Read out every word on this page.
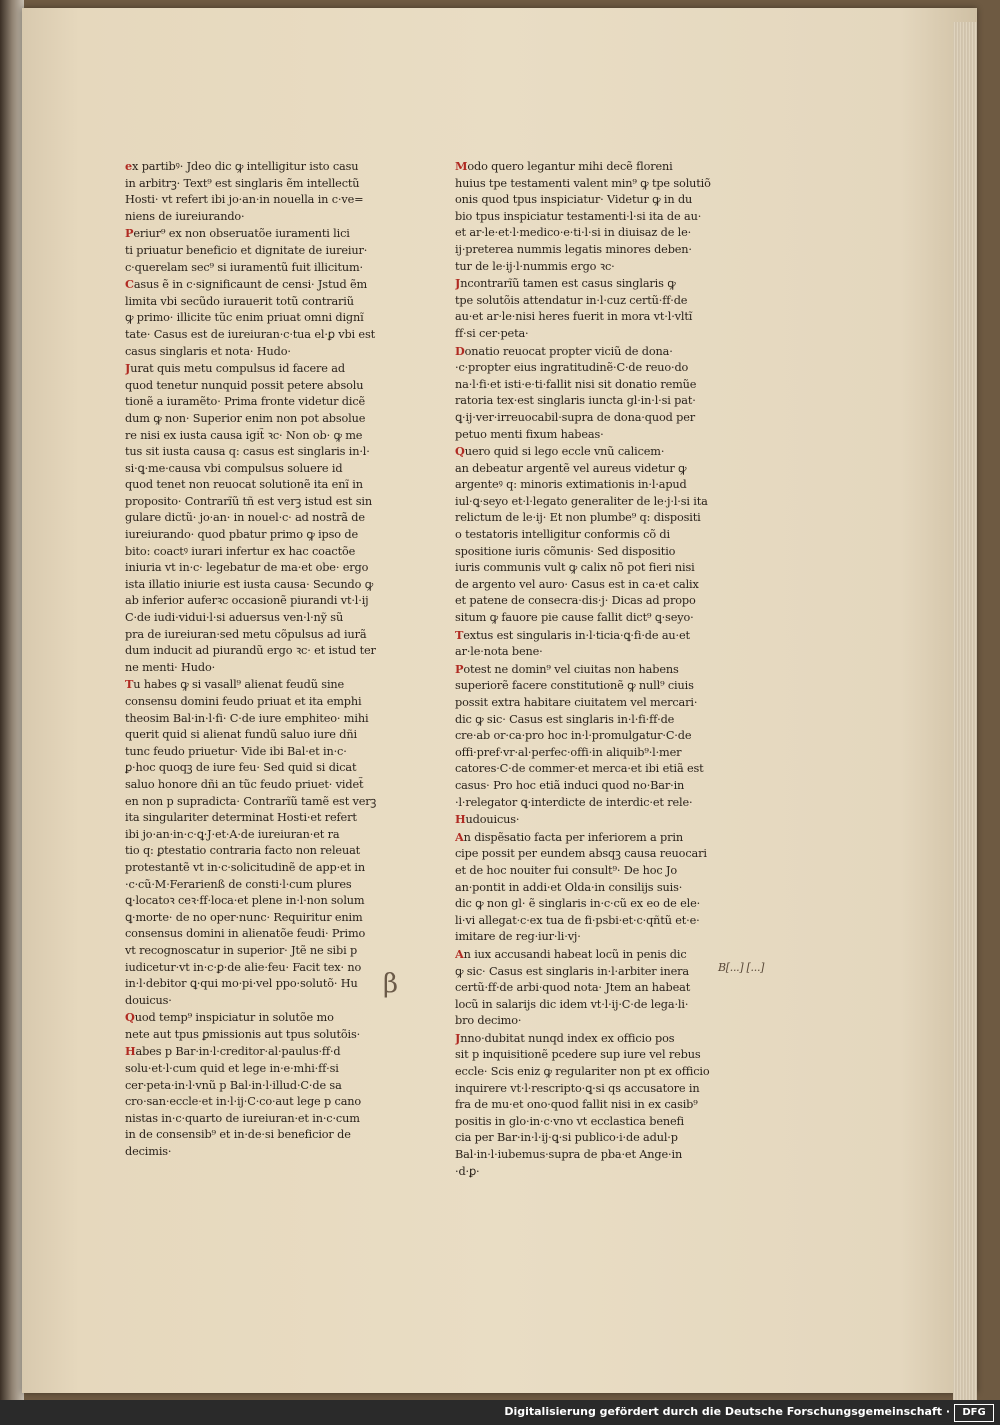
ex partibꝰ· Jdeo dic ꝙ intelligitur isto casu
in arbitrꝫ· Text⁹ est singlaris ẽm intellectũ
Hosti· vt refert ibi jo·an·in nouella in c·ve=
niens de iureiurando·
Periur⁹ ex non obseruatõe iuramenti lici
ti priuatur beneficio et dignitate de iureiur·
c·querelam sec⁹ si iuramentũ fuit illicitum·
Casus ẽ in c·significaunt de censi· Jstud ẽm
limita vbi secũdo iurauerit totũ contrariũ
ꝙ primo· illicite tũc enim priuat omni dignĩ
tate· Casus est de iureiuran·c·tua el·ꝑ vbi est
casus singlaris et nota· Hudo·
Jurat quis metu compulsus id facere ad
quod tenetur nunquid possit petere absolu
tionẽ a iuramẽto· Prima fronte videtur dicẽ
dum ꝙ non· Superior enim non pot absolue
re nisi ex iusta causa igit̃ ꝛc· Non ob· ꝙ me
tus sit iusta causa q: casus est singlaris in·l·
si·ꝗ·me·causa vbi compulsus soluere id
quod tenet non reuocat solutionẽ ita enĩ in
proposito· Contrarĩũ tñ est verꝫ istud est sin
gulare dictũ· jo·an· in nouel·c· ad nostrã de
iureiurando· quod pbatur primo ꝙ ipso de
bito: coactꝰ iurari infertur ex hac coactõe
iniuria vt in·c· legebatur de ma·et obe· ergo
ista illatio iniurie est iusta causa· Secundo ꝙ
ab inferior auferꝛc occasionẽ piurandi vt·l·ij
C·de iudi·vidui·l·si aduersus ven·l·nỹ sũ
pra de iureiuran·sed metu cõpulsus ad iurã
dum inducit ad piurandũ ergo ꝛc· et istud ter
ne menti· Hudo·
Tu habes ꝙ si vasall⁹ alienat feudũ sine
consensu domini feudo priuat et ita emphi
theosim Bal·in·l·fi· C·de iure emphiteo· mihi
querit quid si alienat fundũ saluo iure dñi
tunc feudo priuetur· Vide ibi Bal·et in·c·
ꝑ·hoc quoqꝫ de iure feu· Sed quid si dicat
saluo honore dñi an tũc feudo priuet· videt̃
en non p supradicta· Contrarĩũ tamẽ est verꝫ
ita singulariter determinat Hosti·et refert
ibi jo·an·in·c·ꝗ·J·et·A·de iureiuran·et ra
tio q: ꝑtestatio contraria facto non releuat
protestantẽ vt in·c·solicitudinẽ de app·et in
·c·cũ·M·Ferarienß de consti·l·cum plures
ꝗ·locatoꝛ ceꝛ·ff·loca·et plene in·l·non solum
ꝗ·morte· de no oper·nunc· Requiritur enim
consensus domini in alienatõe feudi· Primo
vt recognoscatur in superior· Jtẽ ne sibi p
iudicetur·vt in·c·ꝑ·de alie·feu· Facit tex· no
in·l·debitor ꝗ·qui mo·pi·vel ppo·solutõ· Hu
douicus·
Quod temp⁹ inspiciatur in solutõe mo
nete aut tpus ꝑmissionis aut tpus solutõis·
Habes p Bar·in·l·creditor·al·paulus·ff·d
solu·et·l·cum quid et lege in·e·mhi·ff·si
cer·peta·in·l·vnũ p Bal·in·l·illud·C·de sa
cro·san·eccle·et in·l·ij·C·co·aut lege p cano
nistas in·c·quarto de iureiuran·et in·c·cum
in de consensib⁹ et in·de·si beneficior de
decimis·
Modo quero legantur mihi decẽ floreni
huius tpe testamenti valent min⁹ ꝙ tpe solutiõ
onis quod tpus inspiciatur· Videtur ꝙ in du
bio tpus inspiciatur testamenti·l·si ita de au·
et ar·le·et·l·medico·e·ti·l·si in diuisaz de le·
ij·preterea nummis legatis minores deben·
tur de le·ij·l·nummis ergo ꝛc·
Jncontrarĩũ tamen est casus singlaris ꝙ
tpe solutõis attendatur in·l·cuz certũ·ff·de
au·et ar·le·nisi heres fuerit in mora vt·l·vltĩ
ff·si cer·peta·
Donatio reuocat propter viciũ de dona·
·c·propter eius ingratitudinẽ·C·de reuo·do
na·l·fi·et isti·e·ti·fallit nisi sit donatio remũe
ratoria tex·est singlaris iuncta gl·in·l·si pat·
ꝗ·ij·ver·irreuocabil·supra de dona·quod per
petuo menti fixum habeas·
Quero quid si lego eccle vnũ calicem·
an debeatur argentẽ vel aureus videtur ꝙ
argenteꝰ q: minoris extimationis in·l·apud
iul·ꝗ·seyo et·l·legato generaliter de le·j·l·si ita
relictum de le·ij· Et non plumbe⁹ q: dispositi
o testatoris intelligitur conformis cõ di
spositione iuris cõmunis· Sed dispositio
iuris communis vult ꝙ calix nõ pot fieri nisi
de argento vel auro· Casus est in ca·et calix
et patene de consecra·dis·j· Dicas ad propo
situm ꝙ fauore pie cause fallit dict⁹ ꝗ·seyo·
Textus est singularis in·l·ticia·ꝗ·fi·de au·et
ar·le·nota bene·
Potest ne domin⁹ vel ciuitas non habens
superiorẽ facere constitutionẽ ꝙ null⁹ ciuis
possit extra habitare ciuitatem vel mercari·
dic ꝙ sic· Casus est singlaris in·l·fi·ff·de
cre·ab or·ca·pro hoc in·l·promulgatur·C·de
offi·pref·vr·al·perfec·offi·in aliquib⁹·l·mer
catores·C·de commer·et merca·et ibi etiã est
casus· Pro hoc etiã induci quod no·Bar·in
·l·relegator ꝗ·interdicte de interdic·et rele·
Hudouicus·
An dispẽsatio facta per inferiorem a prin
cipe possit per eundem absqꝫ causa reuocari
et de hoc nouiter fui consult⁹· De hoc Jo
an·pontit in addi·et Olda·in consilijs suis·
dic ꝙ non gl· ẽ singlaris in·c·cũ ex eo de ele·
li·vi allegat·c·ex tua de fi·psbi·et·c·qñtũ et·e·
imitare de reg·iur·li·vj·
An iux accusandi habeat locũ in penis dic
ꝙ sic· Casus est singlaris in·l·arbiter inera
certũ·ff·de arbi·quod nota· Jtem an habeat
locũ in salarijs dic idem vt·l·ij·C·de lega·li·
bro decimo·
Jnno·dubitat nunqd index ex officio pos
sit p inquisitionẽ pcedere sup iure vel rebus
eccle· Scis eniz ꝙ regulariter non pt ex officio
inquirere vt·l·rescripto·ꝗ·si qs accusatore in
fra de mu·et ono·quod fallit nisi in ex casib⁹
positis in glo·in·c·vno vt ecclastica benefi
cia per Bar·in·l·ij·ꝗ·si publico·i·de adul·p
Bal·in·l·iubemus·supra de pba·et Ange·in
·d·ꝑ·
β
B[...] [...]
Digitalisierung gefördert durch die Deutsche Forschungsgemeinschaft ·	DFG
